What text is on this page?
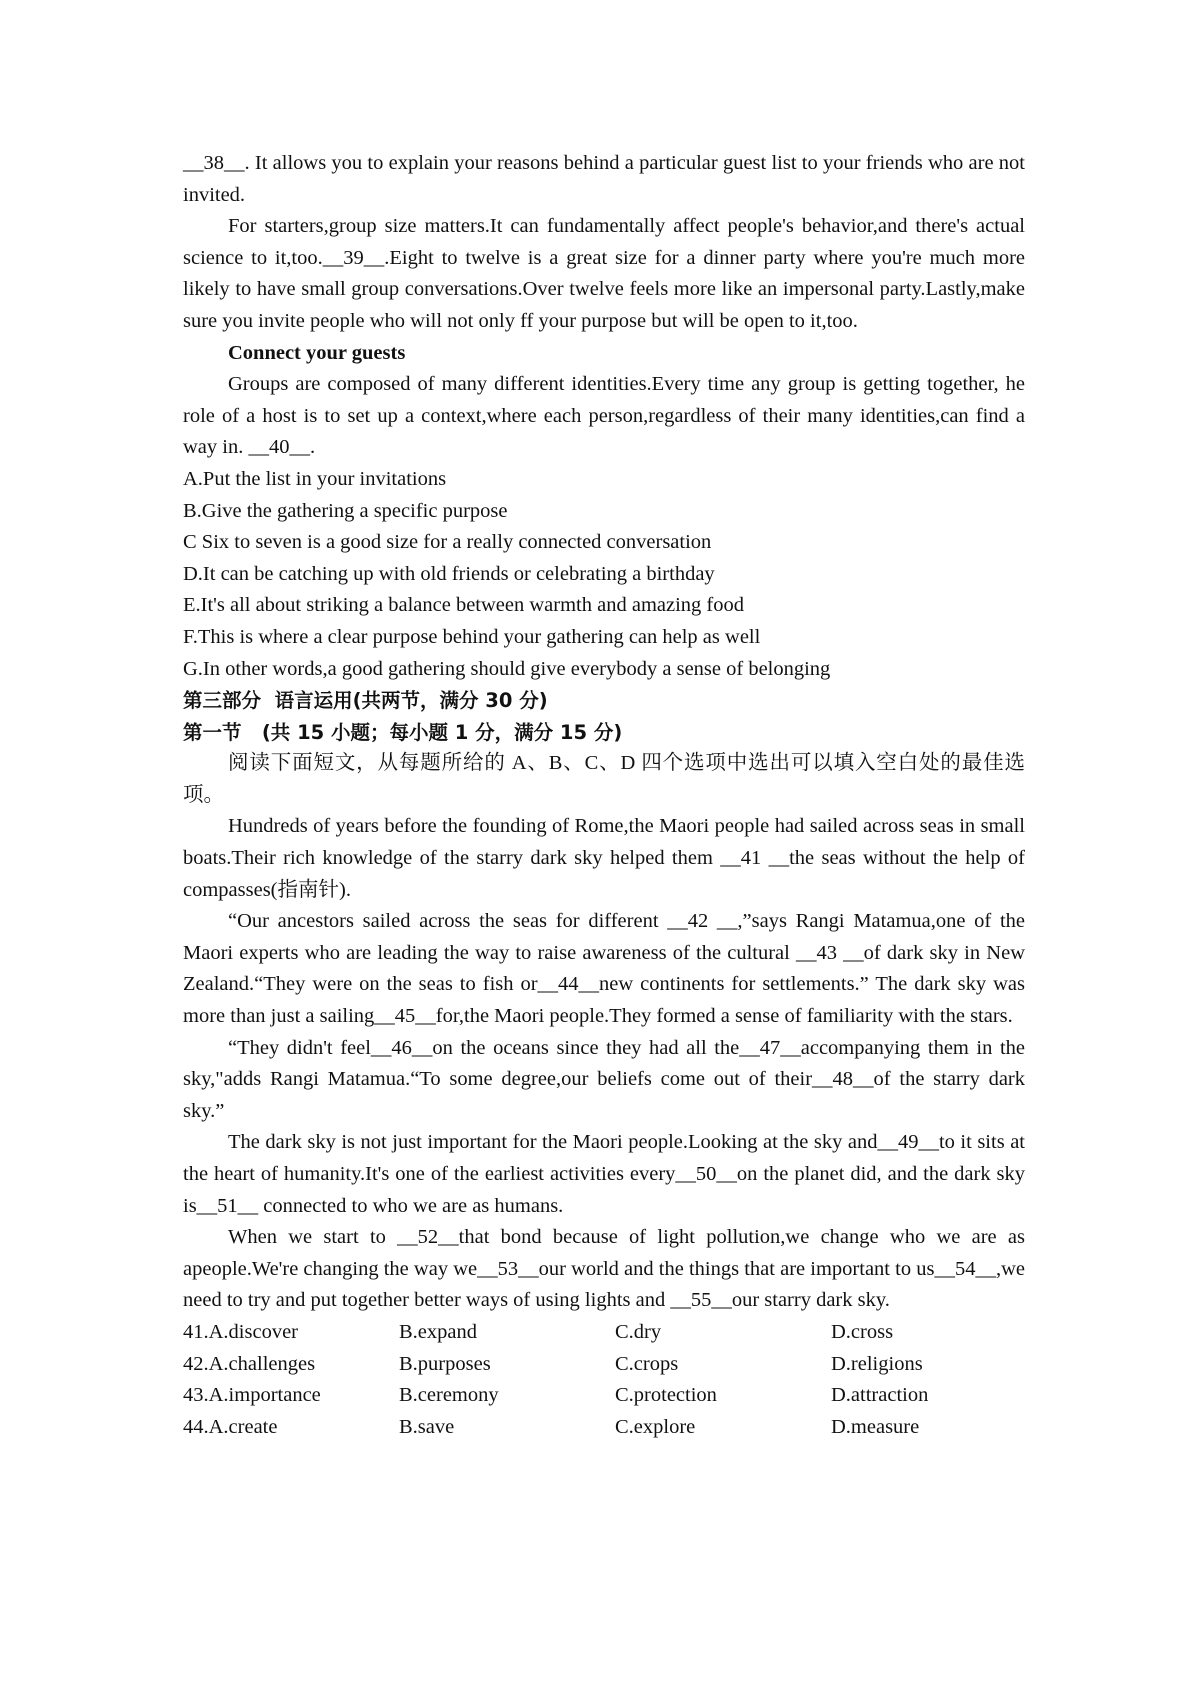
__38__. It allows you to explain your reasons behind a particular guest list to your friends who are not invited.

For starters,group size matters.It can fundamentally affect people's behavior,and there's actual science to it,too.__39__.Eight to twelve is a great size for a dinner party where you're much more likely to have small group conversations.Over twelve feels more like an impersonal party.Lastly,make sure you invite people who will not only ff your purpose but will be open to it,too.

Connect your guests

Groups are composed of many different identities.Every time any group is getting together, he role of a host is to set up a context,where each person,regardless of their many identities,can find a way in. __40__.

A.Put the list in your invitations

B.Give the gathering a specific purpose

C Six to seven is a good size for a really connected conversation

D.It can be catching up with old friends or celebrating a birthday

E.It's all about striking a balance between warmth and amazing food

F.This is where a clear purpose behind your gathering can help as well

G.In other words,a good gathering should give everybody a sense of belonging

第三部分  语言运用(共两节，满分 30 分)

第一节   (共 15 小题；每小题 1 分，满分 15 分)

阅读下面短文，从每题所给的 A、B、C、D 四个选项中选出可以填入空白处的最佳选项。

Hundreds of years before the founding of Rome,the Maori people had sailed across seas in small boats.Their rich knowledge of the starry dark sky helped them __41 __the seas without the help of compasses(指南针).

“Our ancestors sailed across the seas for different __42 __,”says Rangi Matamua,one of the Maori experts who are leading the way to raise awareness of the cultural __43 __of dark sky in New Zealand.“They were on the seas to fish or__44__new continents for settlements.” The dark sky was more than just a sailing__45__for,the Maori people.They formed a sense of familiarity with the stars.

“They didn't feel__46__on the oceans since they had all the__47__accompanying them in the sky,"adds Rangi Matamua.“To some degree,our beliefs come out of their__48__of the starry dark sky.”

The dark sky is not just important for the Maori people.Looking at the sky and__49__to it sits at the heart of humanity.It's one of the earliest activities every__50__on the planet did, and the dark sky is__51__ connected to who we are as humans.

When we start to __52__that bond because of light pollution,we change who we are as apeople.We're changing the way we__53__our world and the things that are important to us__54__,we need to try and put together better ways of using lights and __55__our starry dark sky.

41.A.discover	B.expand	C.dry	D.cross
42.A.challenges	B.purposes	C.crops	D.religions
43.A.importance	B.ceremony	C.protection	D.attraction
44.A.create	B.save	C.explore	D.measure
